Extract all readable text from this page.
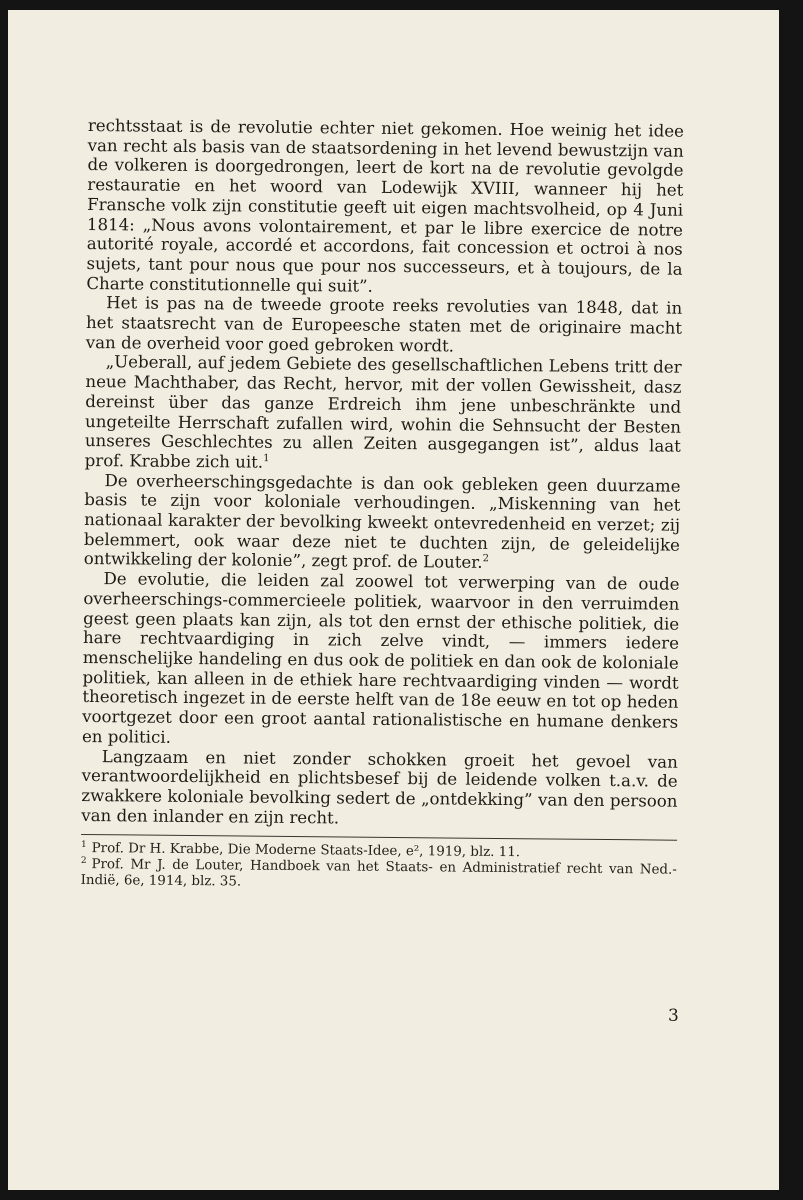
rechtsstaat is de revolutie echter niet gekomen. Hoe weinig het idee van recht als basis van de staatsordening in het levend bewustzijn van de volkeren is doorgedrongen, leert de kort na de revolutie gevolgde restauratie en het woord van Lodewijk XVIII, wanneer hij het Fransche volk zijn constitutie geeft uit eigen machtsvolheid, op 4 Juni 1814: „Nous avons volontairement, et par le libre exercice de notre autorité royale, accordé et accordons, fait concession et octroi à nos sujets, tant pour nous que pour nos successeurs, et à toujours, de la Charte constitutionnelle qui suit”.

Het is pas na de tweede groote reeks revoluties van 1848, dat in het staatsrecht van de Europeesche staten met de originaire macht van de overheid voor goed gebroken wordt.

„Ueberall, auf jedem Gebiete des gesellschaftlichen Lebens tritt der neue Machthaber, das Recht, hervor, mit der vollen Gewissheit, dasz dereinst über das ganze Erdreich ihm jene unbeschränkte und ungeteilte Herrschaft zufallen wird, wohin die Sehnsucht der Besten unseres Geschlechtes zu allen Zeiten ausgegangen ist”, aldus laat prof. Krabbe zich uit.$^1$

De overheerschingsgedachte is dan ook gebleken geen duurzame basis te zijn voor koloniale verhoudingen. „Miskenning van het nationaal karakter der bevolking kweekt ontevredenheid en verzet; zij belemmert, ook waar deze niet te duchten zijn, de geleidelijke ontwikkeling der kolonie”, zegt prof. de Louter.$^2$

De evolutie, die leiden zal zoowel tot verwerping van de oude overheerschings-commercieele politiek, waarvoor in den verruimden geest geen plaats kan zijn, als tot den ernst der ethische politiek, die hare rechtvaardiging in zich zelve vindt, — immers iedere menschelijke handeling en dus ook de politiek en dan ook de koloniale politiek, kan alleen in de ethiek hare rechtvaardiging vinden — wordt theoretisch ingezet in de eerste helft van de 18e eeuw en tot op heden voortgezet door een groot aantal rationalistische en humane denkers en politici.

Langzaam en niet zonder schokken groeit het gevoel van verantwoordelijkheid en plichtsbesef bij de leidende volken t.a.v. de zwakkere koloniale bevolking sedert de „ontdekking” van den persoon van den inlander en zijn recht.

$^1$ Prof. Dr H. Krabbe, Die Moderne Staats-Idee, e², 1919, blz. 11.

$^2$ Prof. Mr J. de Louter, Handboek van het Staats- en Administratief recht van Ned.-Indië, 6e, 1914, blz. 35.

3
